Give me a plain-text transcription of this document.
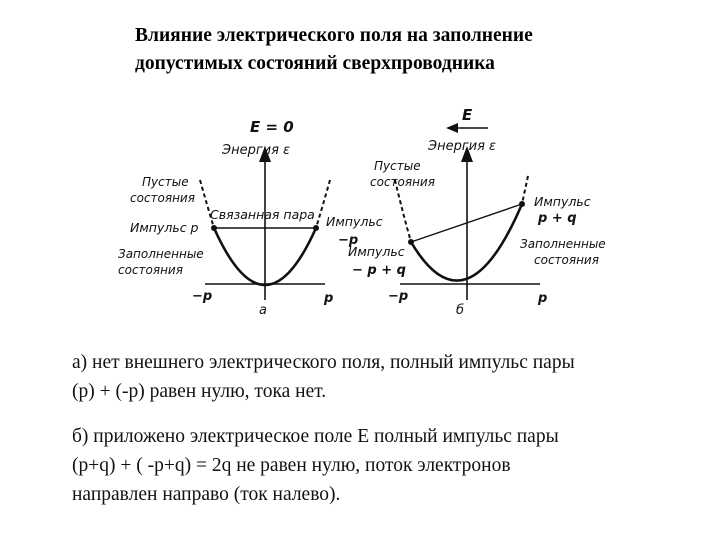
Влияние электрического поля на заполнение
допустимых состояний сверхпроводника
E = 0
Энергия ε
Пустые
состояния
Импульс p
Связанная пара Импульс
−p
Заполненные
состояния
−p	p
а
E
Энергия ε
Пустые
состояния
Импульс
p + q
Импульс
− p + q
Заполненные
состояния
−p	p
б
а) нет внешнего электрического поля, полный импульс пары
(p) + (-p) равен нулю, тока нет.
б) приложено электрическое поле E полный импульс пары
(p+q) + ( -p+q) = 2q не равен нулю, поток электронов
направлен направо (ток налево).
